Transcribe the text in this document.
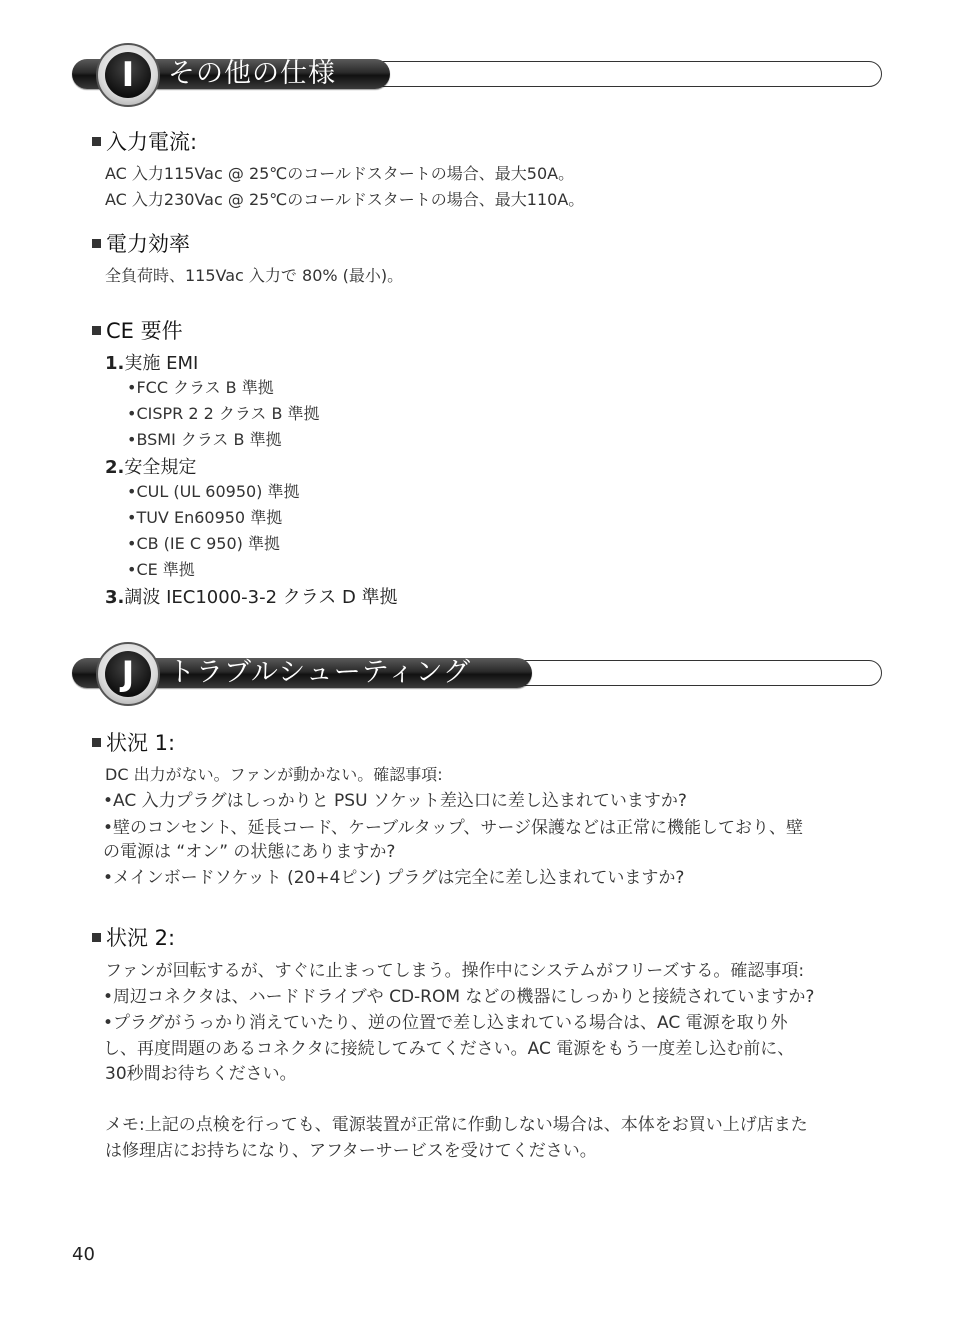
その他の仕様
I
入力電流:
AC 入力115Vac @ 25℃のコールドスタートの場合、最大50A。
AC 入力230Vac @ 25℃のコールドスタートの場合、最大110A。
電力効率
全負荷時、115Vac 入力で 80% (最小)。
CE 要件
1.実施 EMI
•FCC クラス B 準拠
•CISPR 2 2 クラス B 準拠
•BSMI クラス B 準拠
2.安全規定
•CUL (UL 60950) 準拠
•TUV En60950 準拠
•CB (IE C 950) 準拠
•CE 準拠
3.調波 IEC1000-3-2 クラス D 準拠
トラブルシューティング
J
状況 1:
DC 出力がない。ファンが動かない。確認事項:
•AC 入力プラグはしっかりと PSU ソケット差込口に差し込まれていますか?
•壁のコンセント、延長コード、ケーブルタップ、サージ保護などは正常に機能しており、壁
の電源は “オン” の状態にありますか?
•メインボードソケット (20+4ピン) プラグは完全に差し込まれていますか?
状況 2:
ファンが回転するが、すぐに止まってしまう。操作中にシステムがフリーズする。確認事項:
•周辺コネクタは、ハードドライブや CD-ROM などの機器にしっかりと接続されていますか?
•プラグがうっかり消えていたり、逆の位置で差し込まれている場合は、AC 電源を取り外
し、再度問題のあるコネクタに接続してみてください。AC 電源をもう一度差し込む前に、
30秒間お待ちください。
メモ:上記の点検を行っても、電源装置が正常に作動しない場合は、本体をお買い上げ店また
は修理店にお持ちになり、アフターサービスを受けてください。
40
